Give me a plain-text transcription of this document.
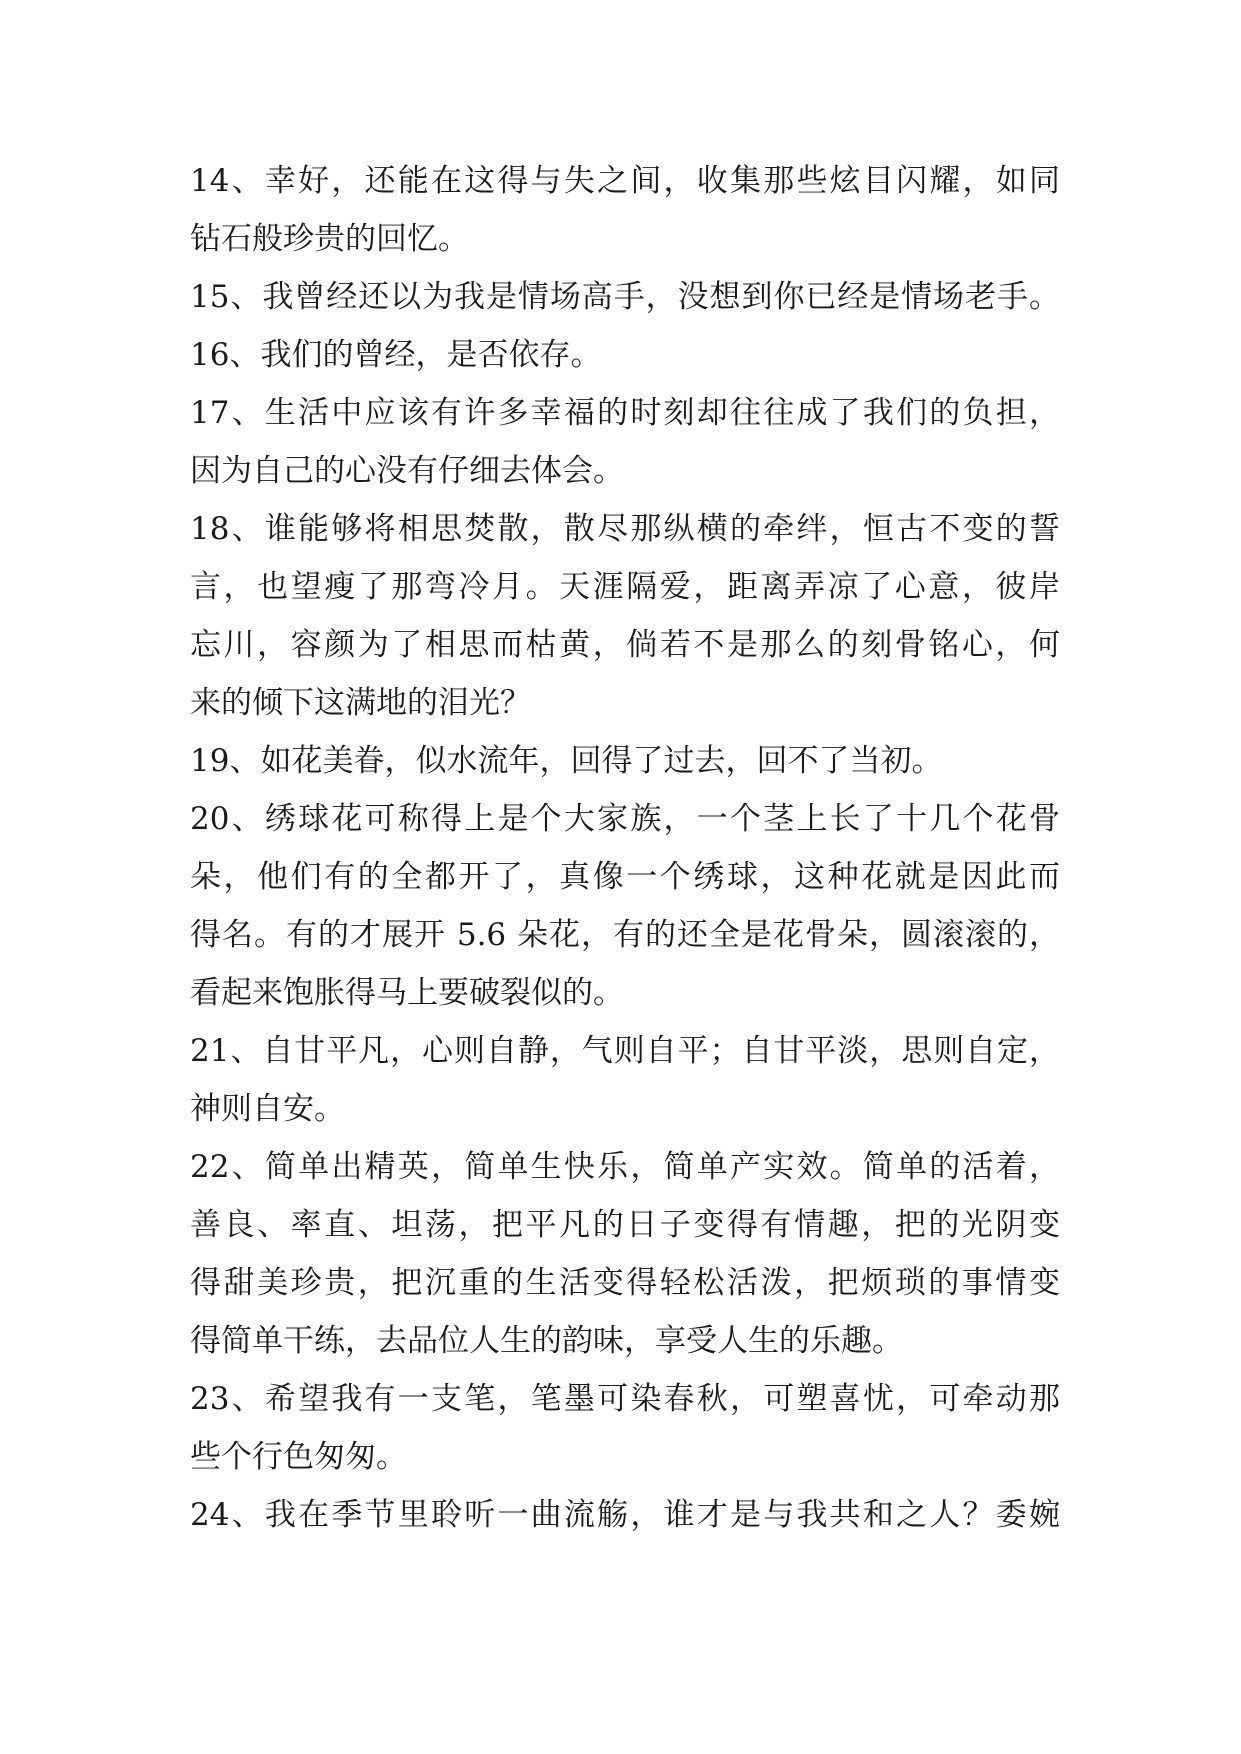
14、幸好，还能在这得与失之间，收集那些炫目闪耀，如同
钻石般珍贵的回忆。
15、我曾经还以为我是情场高手，没想到你已经是情场老手。
16、我们的曾经，是否依存。
17、生活中应该有许多幸福的时刻却往往成了我们的负担，
因为自己的心没有仔细去体会。
18、谁能够将相思焚散，散尽那纵横的牵绊，恒古不变的誓
言，也望瘦了那弯冷月。天涯隔爱，距离弄凉了心意，彼岸
忘川，容颜为了相思而枯黄，倘若不是那么的刻骨铭心，何
来的倾下这满地的泪光？
19、如花美眷，似水流年，回得了过去，回不了当初。
20、绣球花可称得上是个大家族，一个茎上长了十几个花骨
朵，他们有的全都开了，真像一个绣球，这种花就是因此而
得名。有的才展开 5.6 朵花，有的还全是花骨朵，圆滚滚的，
看起来饱胀得马上要破裂似的。
21、自甘平凡，心则自静，气则自平；自甘平淡，思则自定，
神则自安。
22、简单出精英，简单生快乐，简单产实效。简单的活着，
善良、率直、坦荡，把平凡的日子变得有情趣，把的光阴变
得甜美珍贵，把沉重的生活变得轻松活泼，把烦琐的事情变
得简单干练，去品位人生的韵味，享受人生的乐趣。
23、希望我有一支笔，笔墨可染春秋，可塑喜忧，可牵动那
些个行色匆匆。
24、我在季节里聆听一曲流觞，谁才是与我共和之人？委婉
